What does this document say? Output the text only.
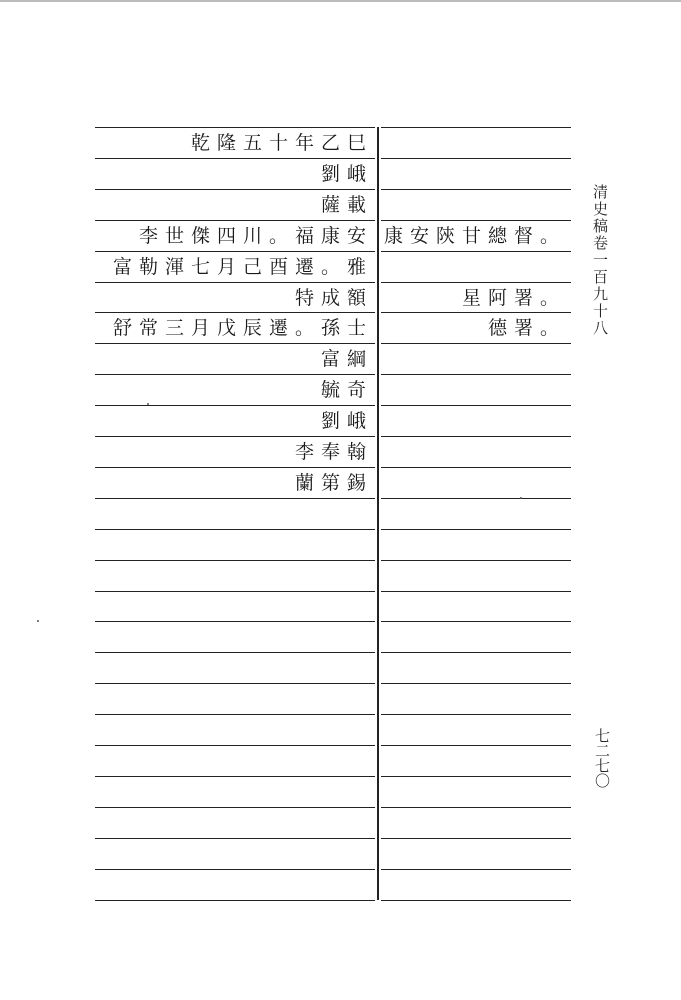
乾隆五十年乙巳
劉峨
薩載
李世傑四川。福康安 康安陝甘總督。
富勒渾七月己酉遷。雅
特成額	星阿署。
舒常三月戊辰遷。孫士	德署。
富綱
毓奇
劉峨
李奉翰
蘭第錫
清史稿卷一百九十八
七二七〇
